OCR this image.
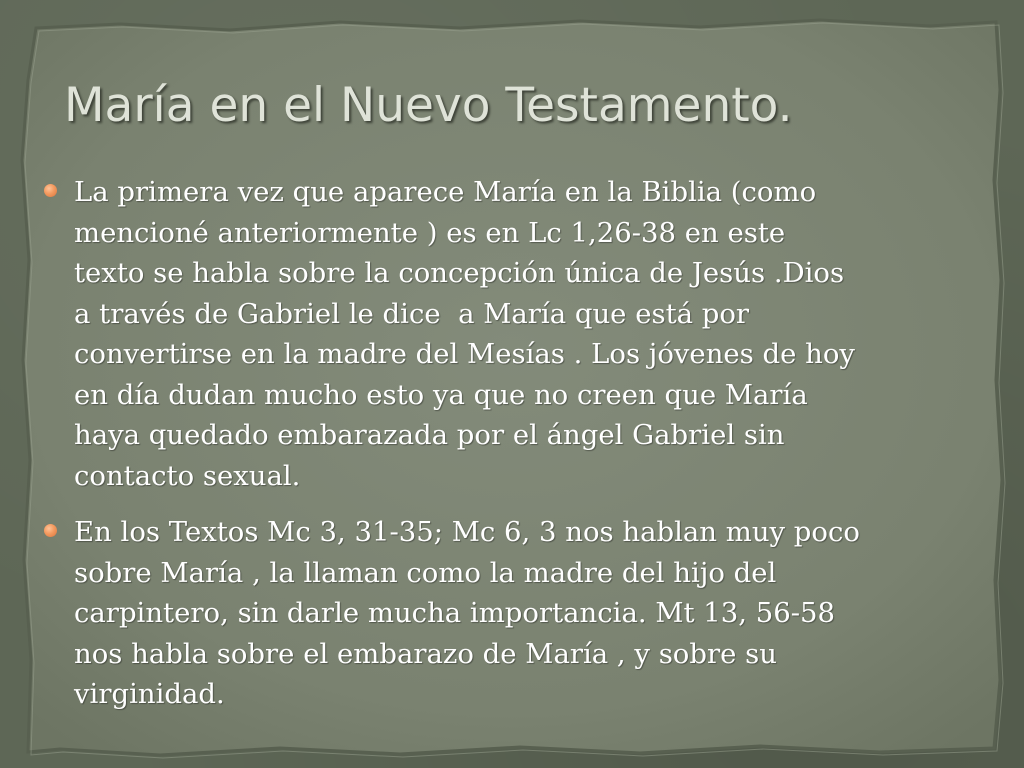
María en el Nuevo Testamento.
La primera vez que aparece María en la Biblia (como
mencioné anteriormente ) es en Lc 1,26-38 en este
texto se habla sobre la concepción única de Jesús .Dios
a través de Gabriel le dice  a María que está por
convertirse en la madre del Mesías . Los jóvenes de hoy
en día dudan mucho esto ya que no creen que María
haya quedado embarazada por el ángel Gabriel sin
contacto sexual.
En los Textos Mc 3, 31-35; Mc 6, 3 nos hablan muy poco
sobre María , la llaman como la madre del hijo del
carpintero, sin darle mucha importancia. Mt 13, 56-58
nos habla sobre el embarazo de María , y sobre su
virginidad.
